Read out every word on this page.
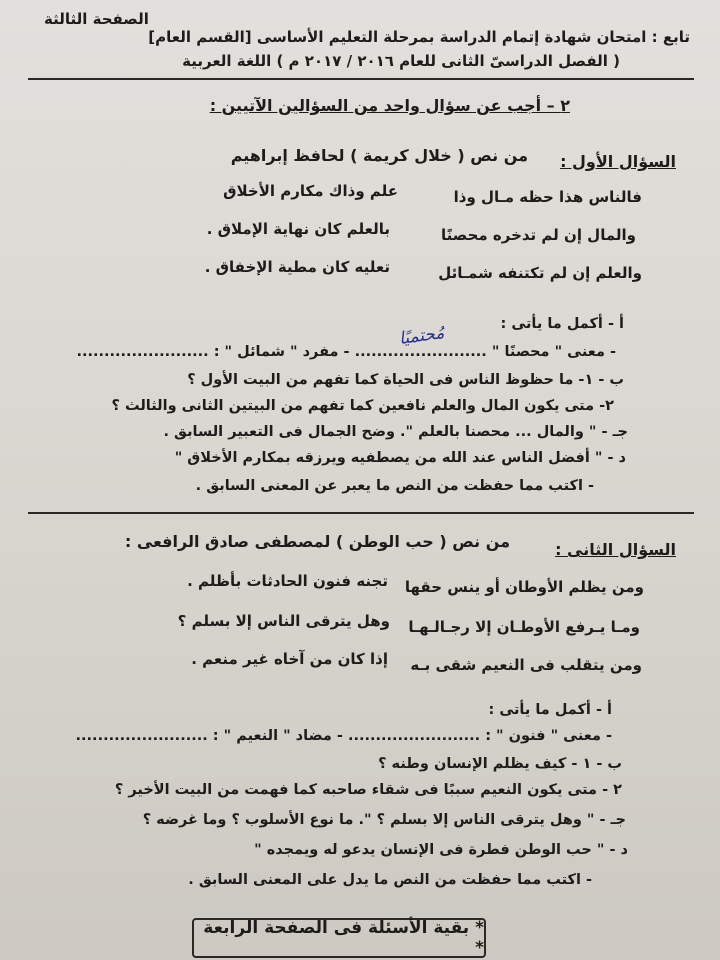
تابع : امتحان شهادة إتمام الدراسة بمرحلة التعليم الأساسى [القسم العام]
الصفحة الثالثة
( الفصل الدراسىّ الثانى للعام ٢٠١٦ / ٢٠١٧ م ) اللغة العربية
٢ – أجب عن سؤال واحد من السؤالين الآتيين :
السؤال الأول :
من نص ( خلال كريمة ) لحافظ إبراهيم
فالناس هذا حظه مـال وذا
علم وذاك مكارم الأخلاق
والمال إن لم تدخره محصنًا
بالعلم كان نهاية الإملاق .
والعلم إن لم تكتنفه شمـائل
تعليه كان مطية الإخفاق .
أ - أكمل ما يأتى :
- معنى " محصنًا " ........................ - مفرد " شمائل " : ........................
مُحتميًا
ب - ١- ما حظوظ الناس فى الحياة كما تفهم من البيت الأول ؟
٢- متى يكون المال والعلم نافعين كما تفهم من البيتين الثانى والثالث ؟
جـ - " والمال ... محصنا بالعلم ". وضح الجمال فى التعبير السابق .
د - " أفضل الناس عند الله من يصطفيه ويرزقه بمكارم الأخلاق "
- اكتب مما حفظت من النص ما يعبر عن المعنى السابق .
السؤال الثانى :
من نص ( حب الوطن ) لمصطفى صادق الرافعى :
ومن يظلم الأوطان أو ينس حقها
تجنه فنون الحادثات بأظلم .
ومـا يـرفع الأوطـان إلا رجـالـهـا
وهل يترقى الناس إلا بسلم ؟
ومن يتقلب فى النعيم شقى بـه
إذا كان من آخاه غير منعم .
أ - أكمل ما يأتى :
- معنى " فنون " : ........................ - مضاد " النعيم " : ........................
ب - ١ - كيف يظلم الإنسان وطنه ؟
٢ - متى يكون النعيم سببًا فى شقاء صاحبه كما فهمت من البيت الأخير ؟
جـ - " وهل يترقى الناس إلا بسلم ؟ ". ما نوع الأسلوب ؟ وما غرضه ؟
د - " حب الوطن فطرة فى الإنسان يدعو له ويمجده "
- اكتب مما حفظت من النص ما يدل على المعنى السابق .
* بقية الأسئلة فى الصفحة الرابعة *
